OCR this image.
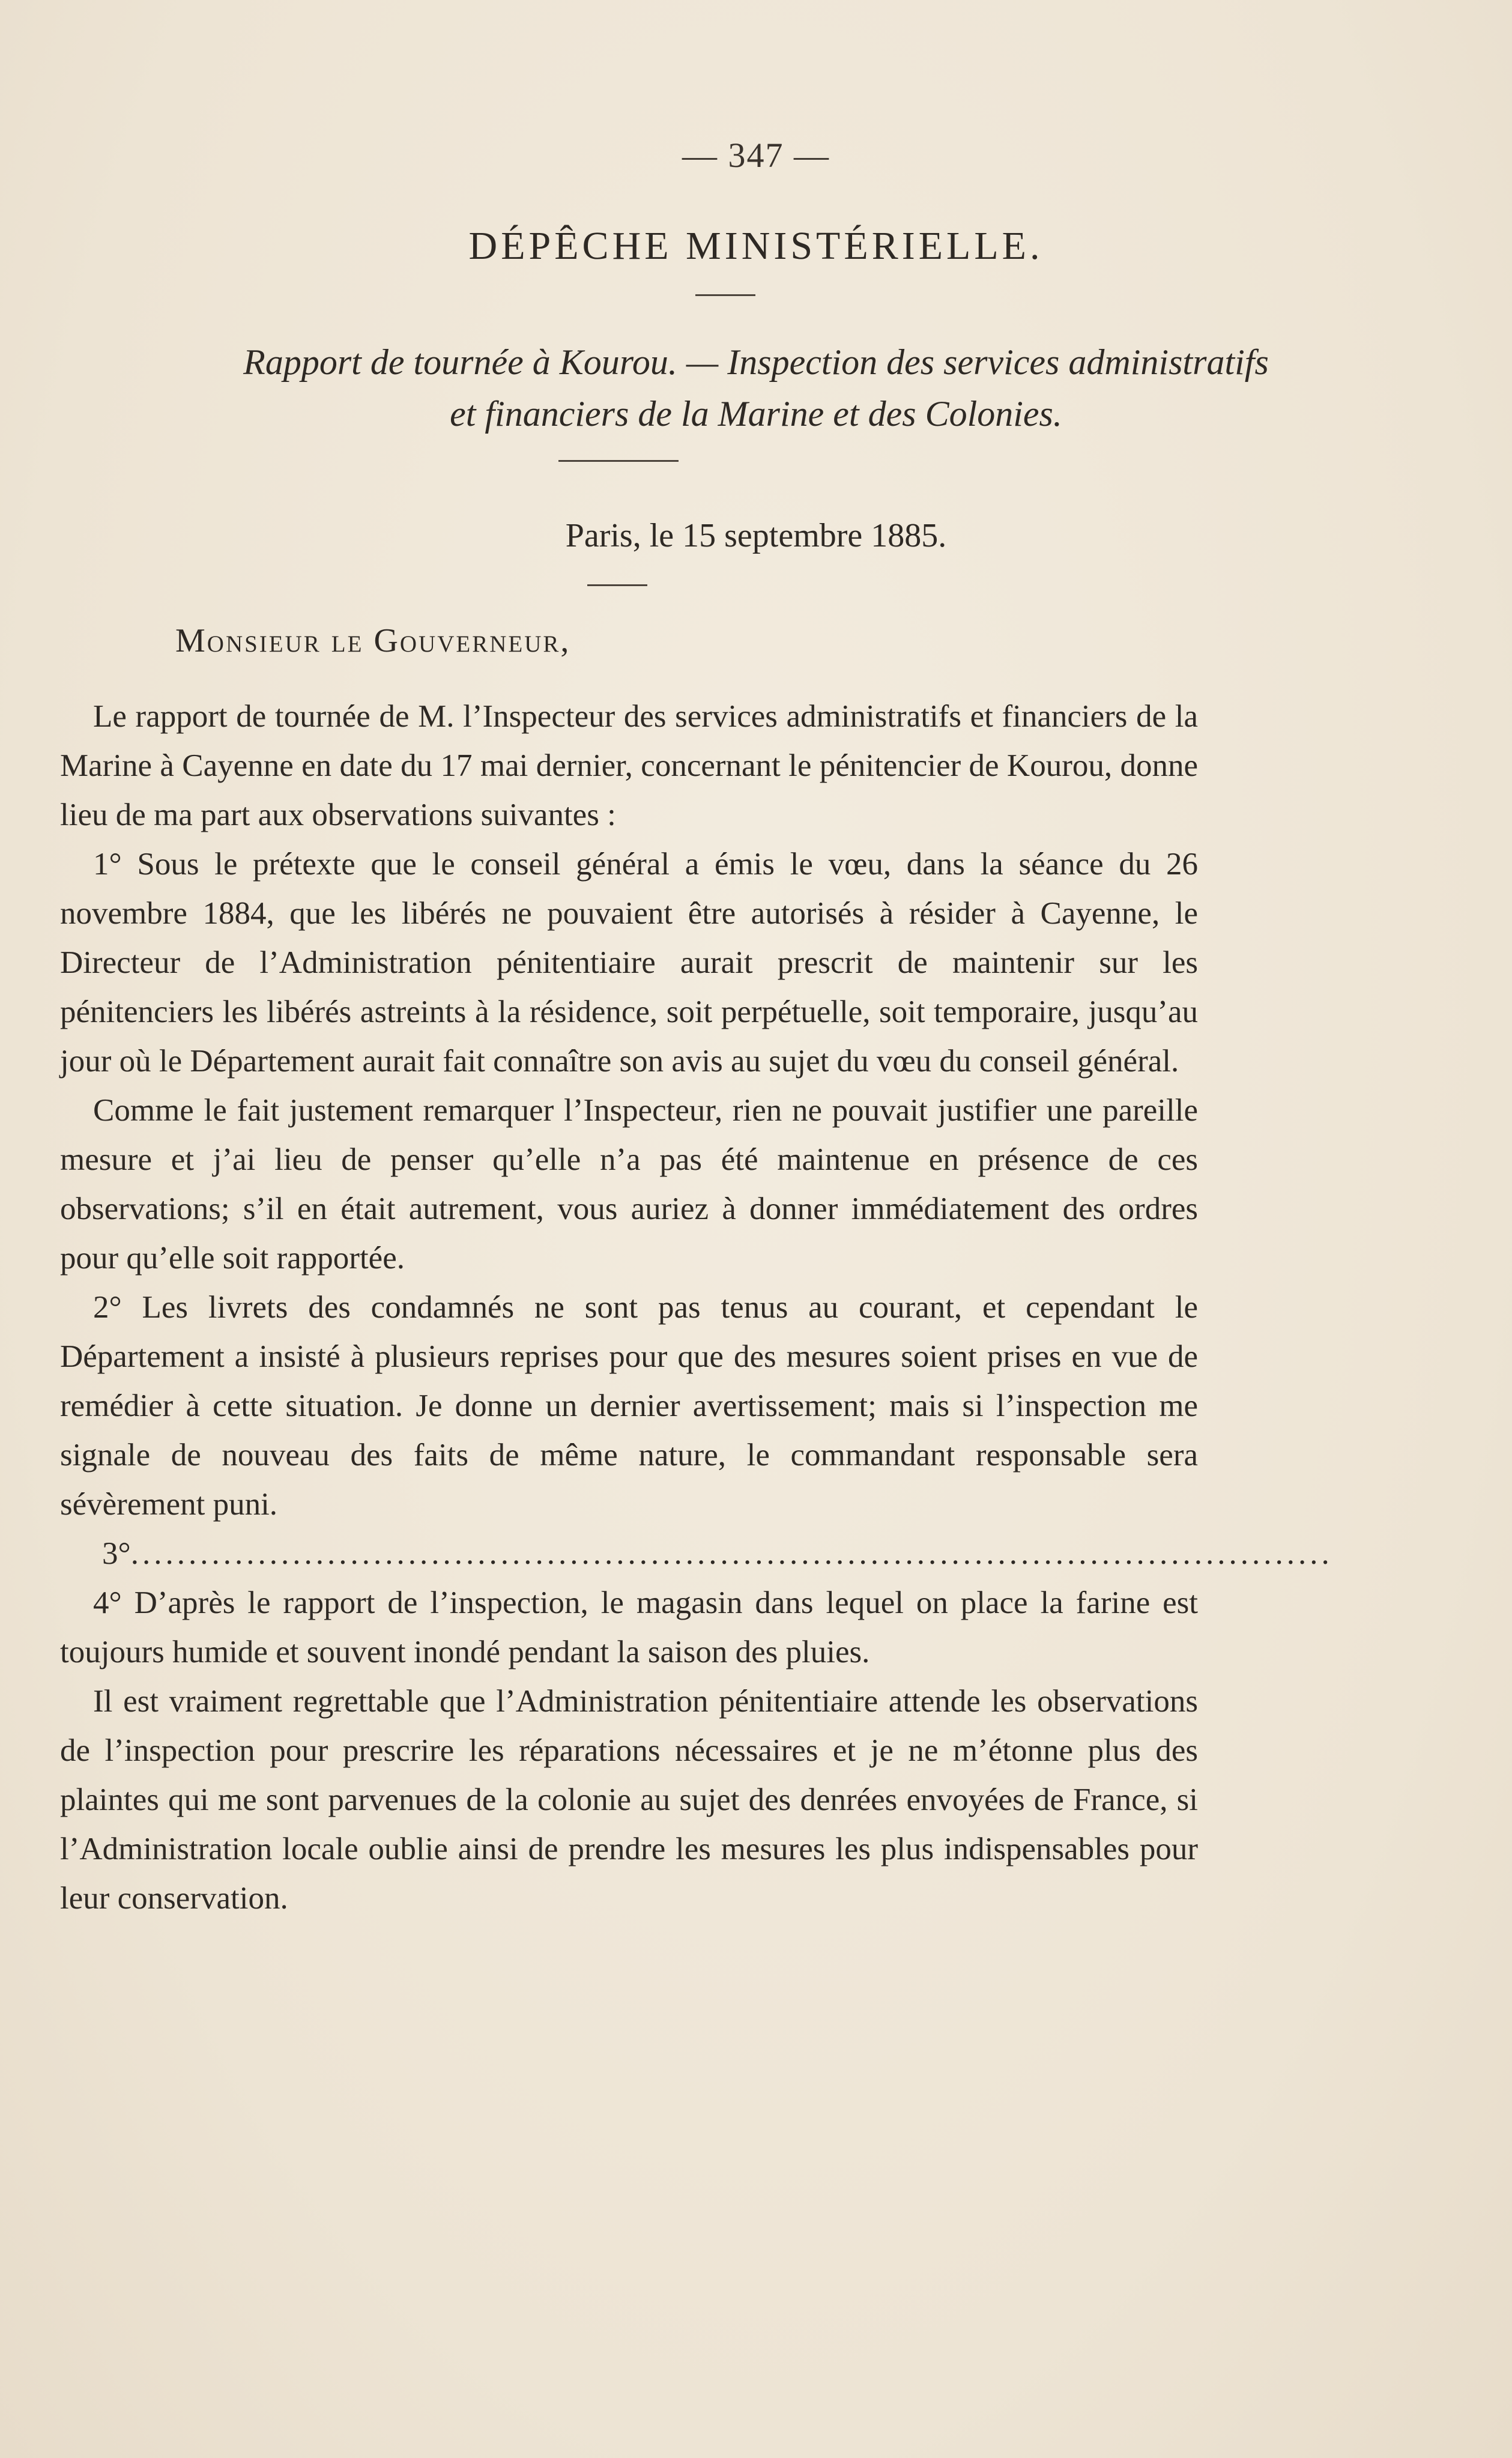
— 347 —
DÉPÊCHE MINISTÉRIELLE.
Rapport de tournée à Kourou. — Inspection des services administratifs
et financiers de la Marine et des Colonies.
Paris, le 15 septembre 1885.
Monsieur le Gouverneur,

Le rapport de tournée de M. l’Inspecteur des services administratifs et financiers de la Marine à Cayenne en date du 17 mai dernier, concernant le pénitencier de Kourou, donne lieu de ma part aux observations suivantes :

1° Sous le prétexte que le conseil général a émis le vœu, dans la séance du 26 novembre 1884, que les libérés ne pouvaient être autorisés à résider à Cayenne, le Directeur de l’Administration pénitentiaire aurait prescrit de maintenir sur les pénitenciers les libérés astreints à la résidence, soit perpétuelle, soit temporaire, jusqu’au jour où le Département aurait fait connaître son avis au sujet du vœu du conseil général.

Comme le fait justement remarquer l’Inspecteur, rien ne pouvait justifier une pareille mesure et j’ai lieu de penser qu’elle n’a pas été maintenue en présence de ces observations; s’il en était autrement, vous auriez à donner immédiatement des ordres pour qu’elle soit rapportée.

2° Les livrets des condamnés ne sont pas tenus au courant, et cependant le Département a insisté à plusieurs reprises pour que des mesures soient prises en vue de remédier à cette situation. Je donne un dernier avertissement; mais si l’inspection me signale de nouveau des faits de même nature, le commandant responsable sera sévèrement puni.

3°........................................................................................................

4° D’après le rapport de l’inspection, le magasin dans lequel on place la farine est toujours humide et souvent inondé pendant la saison des pluies.

Il est vraiment regrettable que l’Administration pénitentiaire attende les observations de l’inspection pour prescrire les réparations nécessaires et je ne m’étonne plus des plaintes qui me sont parvenues de la colonie au sujet des denrées envoyées de France, si l’Administration locale oublie ainsi de prendre les mesures les plus indispensables pour leur conservation.
